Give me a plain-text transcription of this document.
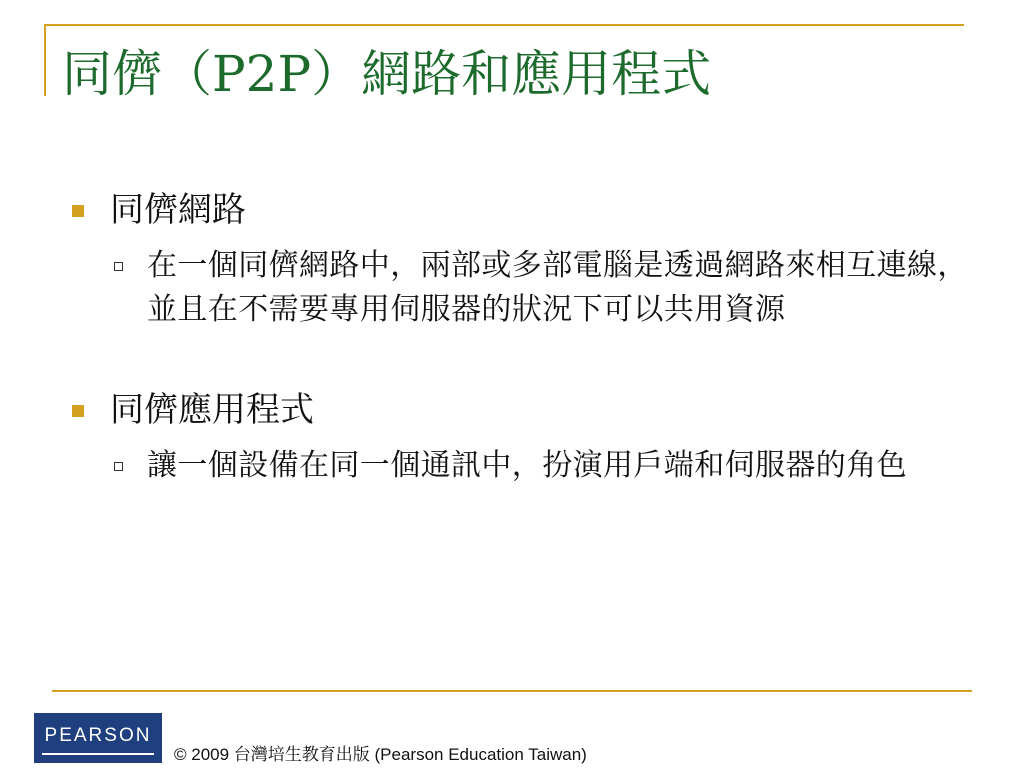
同儕（P2P）網路和應用程式
同儕網路
在一個同儕網路中，兩部或多部電腦是透過網路來相互連線，並且在不需要專用伺服器的狀況下可以共用資源
同儕應用程式
讓一個設備在同一個通訊中，扮演用戶端和伺服器的角色
PEARSON
© 2009 台灣培生教育出版 (Pearson Education Taiwan)
